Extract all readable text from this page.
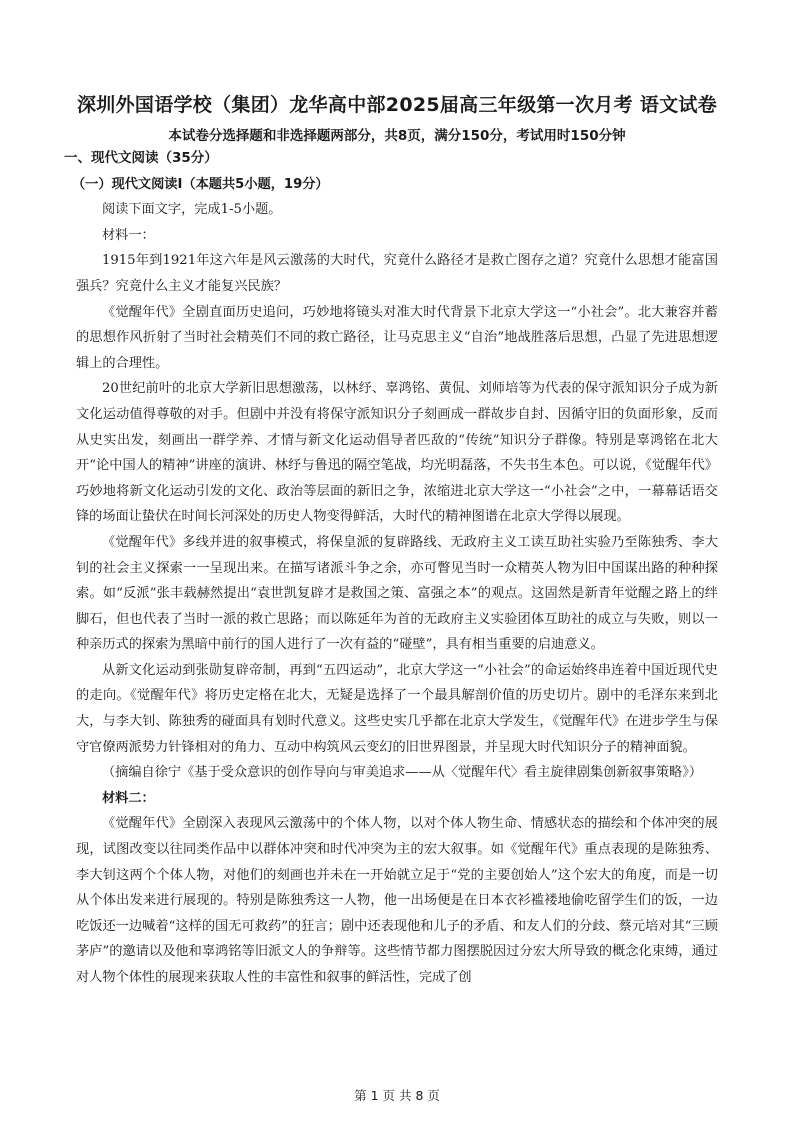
深圳外国语学校（集团）龙华高中部2025届高三年级第一次月考 语文试卷
本试卷分选择题和非选择题两部分，共8页，满分150分，考试用时150分钟
一、现代文阅读（35分）
（一）现代文阅读Ⅰ（本题共5小题，19分）

阅读下面文字，完成1-5小题。

材料一：

1915年到1921年这六年是风云激荡的大时代，究竟什么路径才是救亡图存之道？究竟什么思想才能富国强兵？究竟什么主义才能复兴民族？

《觉醒年代》全剧直面历史追问，巧妙地将镜头对准大时代背景下北京大学这一“小社会”。北大兼容并蓄的思想作风折射了当时社会精英们不同的救亡路径，让马克思主义“自治”地战胜落后思想，凸显了先进思想逻辑上的合理性。

20世纪前叶的北京大学新旧思想激荡，以林纾、辜鸿铭、黄侃、刘师培等为代表的保守派知识分子成为新文化运动值得尊敬的对手。但剧中并没有将保守派知识分子刻画成一群故步自封、因循守旧的负面形象，反而从史实出发，刻画出一群学养、才情与新文化运动倡导者匹敌的“传统”知识分子群像。特别是辜鸿铭在北大开“论中国人的精神”讲座的演讲、林纾与鲁迅的隔空笔战，均光明磊落，不失书生本色。可以说，《觉醒年代》巧妙地将新文化运动引发的文化、政治等层面的新旧之争，浓缩进北京大学这一“小社会”之中，一幕幕话语交锋的场面让蛰伏在时间长河深处的历史人物变得鲜活，大时代的精神图谱在北京大学得以展现。

《觉醒年代》多线并进的叙事模式，将保皇派的复辟路线、无政府主义工读互助社实验乃至陈独秀、李大钊的社会主义探索一一呈现出来。在描写诸派斗争之余，亦可瞥见当时一众精英人物为旧中国谋出路的种种探索。如“反派”张丰载赫然提出“袁世凯复辟才是救国之策、富强之本”的观点。这固然是新青年觉醒之路上的绊脚石，但也代表了当时一派的救亡思路；而以陈延年为首的无政府主义实验团体互助社的成立与失败，则以一种亲历式的探索为黑暗中前行的国人进行了一次有益的“碰壁”，具有相当重要的启迪意义。

从新文化运动到张勋复辟帝制，再到“五四运动”，北京大学这一“小社会”的命运始终串连着中国近现代史的走向。《觉醒年代》将历史定格在北大，无疑是选择了一个最具解剖价值的历史切片。剧中的毛泽东来到北大，与李大钊、陈独秀的碰面具有划时代意义。这些史实几乎都在北京大学发生，《觉醒年代》在进步学生与保守官僚两派势力针锋相对的角力、互动中构筑风云变幻的旧世界图景，并呈现大时代知识分子的精神面貌。

（摘编自徐宁《基于受众意识的创作导向与审美追求——从〈觉醒年代〉看主旋律剧集创新叙事策略》）

材料二：

《觉醒年代》全剧深入表现风云激荡中的个体人物，以对个体人物生命、情感状态的描绘和个体冲突的展现，试图改变以往同类作品中以群体冲突和时代冲突为主的宏大叙事。如《觉醒年代》重点表现的是陈独秀、李大钊这两个个体人物，对他们的刻画也并未在一开始就立足于“党的主要创始人”这个宏大的角度，而是一切从个体出发来进行展现的。特别是陈独秀这一人物，他一出场便是在日本衣衫褴褛地偷吃留学生们的饭，一边吃饭还一边喊着“这样的国无可救药”的狂言；剧中还表现他和儿子的矛盾、和友人们的分歧、蔡元培对其“三顾茅庐”的邀请以及他和辜鸿铭等旧派文人的争辩等。这些情节都力图摆脱因过分宏大所导致的概念化束缚，通过对人物个体性的展现来获取人性的丰富性和叙事的鲜活性，完成了创

第 1 页 共 8 页
